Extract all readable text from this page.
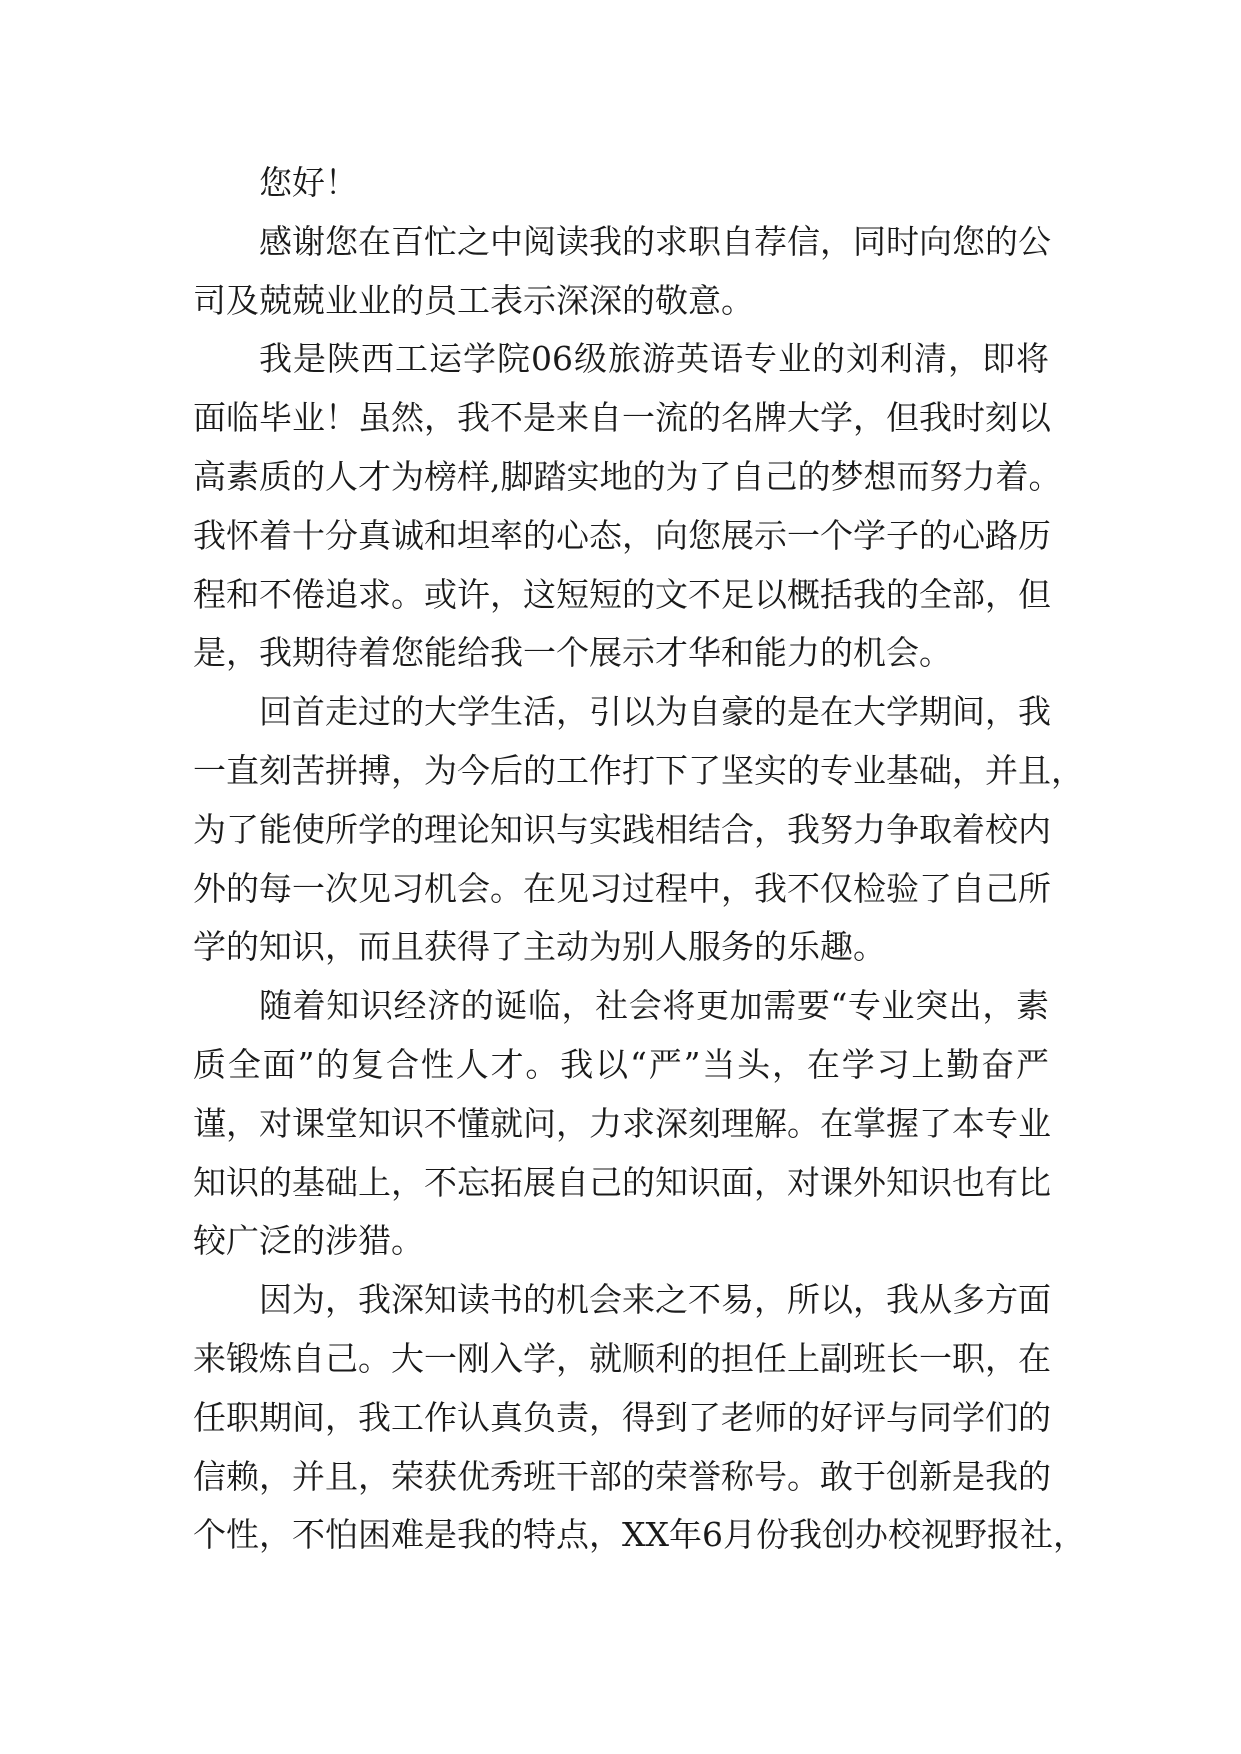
您好！
感谢您在百忙之中阅读我的求职自荐信，同时向您的公
司及兢兢业业的员工表示深深的敬意。
我是陕西工运学院06级旅游英语专业的刘利清，即将
面临毕业！虽然，我不是来自一流的名牌大学，但我时刻以
高素质的人才为榜样,脚踏实地的为了自己的梦想而努力着。
我怀着十分真诚和坦率的心态，向您展示一个学子的心路历
程和不倦追求。或许，这短短的文不足以概括我的全部，但
是，我期待着您能给我一个展示才华和能力的机会。
回首走过的大学生活，引以为自豪的是在大学期间，我
一直刻苦拼搏，为今后的工作打下了坚实的专业基础，并且，
为了能使所学的理论知识与实践相结合，我努力争取着校内
外的每一次见习机会。在见习过程中，我不仅检验了自己所
学的知识，而且获得了主动为别人服务的乐趣。
随着知识经济的诞临，社会将更加需要“专业突出，素
质全面”的复合性人才。我以“严”当头，在学习上勤奋严
谨，对课堂知识不懂就问，力求深刻理解。在掌握了本专业
知识的基础上，不忘拓展自己的知识面，对课外知识也有比
较广泛的涉猎。
因为，我深知读书的机会来之不易，所以，我从多方面
来锻炼自己。大一刚入学，就顺利的担任上副班长一职，在
任职期间，我工作认真负责，得到了老师的好评与同学们的
信赖，并且，荣获优秀班干部的荣誉称号。敢于创新是我的
个性，不怕困难是我的特点，XX年6月份我创办校视野报社，
